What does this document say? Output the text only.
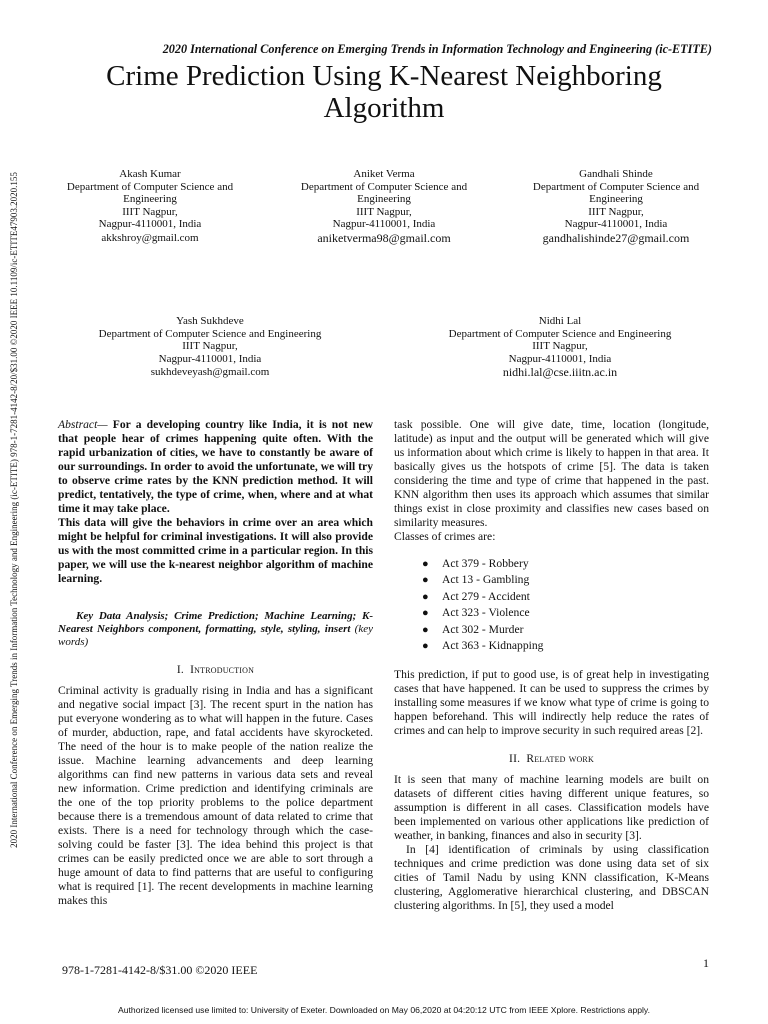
2020 International Conference on Emerging Trends in Information Technology and Engineering (ic-ETITE)
Crime Prediction Using K-Nearest Neighboring
Algorithm
2020 International Conference on Emerging Trends in Information Technology and Engineering (ic-ETITE) 978-1-7281-4142-8/20/$31.00 ©2020 IEEE 10.1109/ic-ETITE47903.2020.155	Akash Kumar
Department of Computer Science and
Engineering
IIIT Nagpur,
Nagpur-4110001, India
akkshroy@gmail.com
Aniket Verma
Department of Computer Science and
Engineering
IIIT Nagpur,
Nagpur-4110001, India
aniketverma98@gmail.com
Gandhali Shinde
Department of Computer Science and
Engineering
IIIT Nagpur,
Nagpur-4110001, India
gandhalishinde27@gmail.com
Yash Sukhdeve
Department of Computer Science and Engineering
IIIT Nagpur,
Nagpur-4110001, India
sukhdeveyash@gmail.com
Nidhi Lal
Department of Computer Science and Engineering
IIIT Nagpur,
Nagpur-4110001, India
nidhi.lal@cse.iiitn.ac.in

Abstract— For a developing country like India, it is not new that people hear of crimes happening quite often. With the rapid urbanization of cities, we have to constantly be aware of our surroundings. In order to avoid the unfortunate, we will try to observe crime rates by the KNN prediction method. It will predict, tentatively, the type of crime, when, where and at what time it may take place.

This data will give the behaviors in crime over an area which might be helpful for criminal investigations. It will also provide us with the most committed crime in a particular region. In this paper, we will use the k-nearest neighbor algorithm of machine learning.

Key Data Analysis; Crime Prediction; Machine Learning; K-Nearest Neighbors component, formatting, style, styling, insert (key words)

I. Introduction

Criminal activity is gradually rising in India and has a significant and negative social impact [3]. The recent spurt in the nation has put everyone wondering as to what will happen in the future. Cases of murder, abduction, rape, and fatal accidents have skyrocketed. The need of the hour is to make people of the nation realize the issue. Machine learning advancements and deep learning algorithms can find new patterns in various data sets and reveal new information. Crime prediction and identifying criminals are the one of the top priority problems to the police department because there is a tremendous amount of data related to crime that exists. There is a need for technology through which the case-solving could be faster [3]. The idea behind this project is that crimes can be easily predicted once we are able to sort through a huge amount of data to find patterns that are useful to configuring what is required [1]. The recent developments in machine learning makes this

task possible. One will give date, time, location (longitude, latitude) as input and the output will be generated which will give us information about which crime is likely to happen in that area. It basically gives us the hotspots of crime [5]. The data is taken considering the time and type of crime that happened in the past. KNN algorithm then uses its approach which assumes that similar things exist in close proximity and classifies new cases based on similarity measures.

Classes of crimes are:

● Act 379 - Robbery
● Act 13 - Gambling
● Act 279 - Accident
● Act 323 - Violence
● Act 302 - Murder
● Act 363 - Kidnapping

This prediction, if put to good use, is of great help in investigating cases that have happened. It can be used to suppress the crimes by installing some measures if we know what type of crime is going to happen beforehand. This will indirectly help reduce the rates of crimes and can help to improve security in such required areas [2].

II. Related work

It is seen that many of machine learning models are built on datasets of different cities having different unique features, so assumption is different in all cases. Classification models have been implemented on various other applications like prediction of weather, in banking, finances and also in security [3].

In [4] identification of criminals by using classification techniques and crime prediction was done using data set of six cities of Tamil Nadu by using KNN classification, K-Means clustering, Agglomerative hierarchical clustering, and DBSCAN clustering algorithms. In [5], they used a model

978-1-7281-4142-8/$31.00 ©2020 IEEE	1
Authorized licensed use limited to: University of Exeter. Downloaded on May 06,2020 at 04:20:12 UTC from IEEE Xplore. Restrictions apply.
